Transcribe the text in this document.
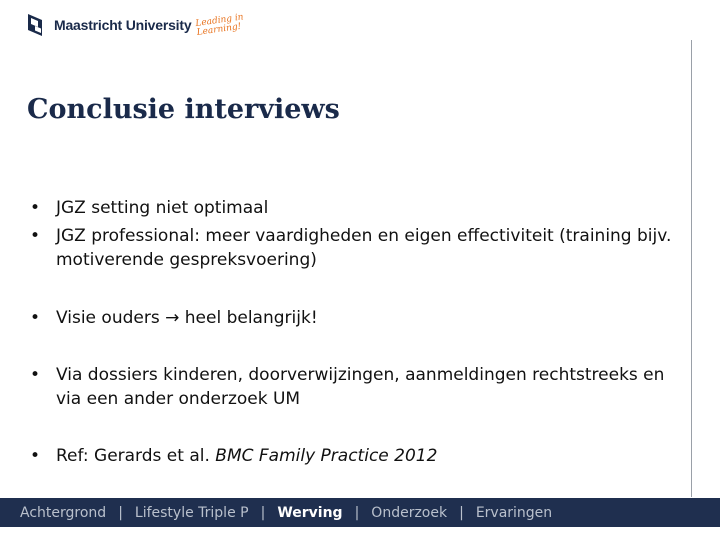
Maastricht University Leading in Learning!
Conclusie interviews
• JGZ setting niet optimaal
• JGZ professional: meer vaardigheden en eigen effectiviteit (training bijv. motiverende gespreksvoering)
• Visie ouders → heel belangrijk!
• Via dossiers kinderen, doorverwijzingen, aanmeldingen rechtstreeks en via een ander onderzoek UM
• Ref: Gerards et al. BMC Family Practice 2012
Achtergrond | Lifestyle Triple P | Werving | Onderzoek | Ervaringen
